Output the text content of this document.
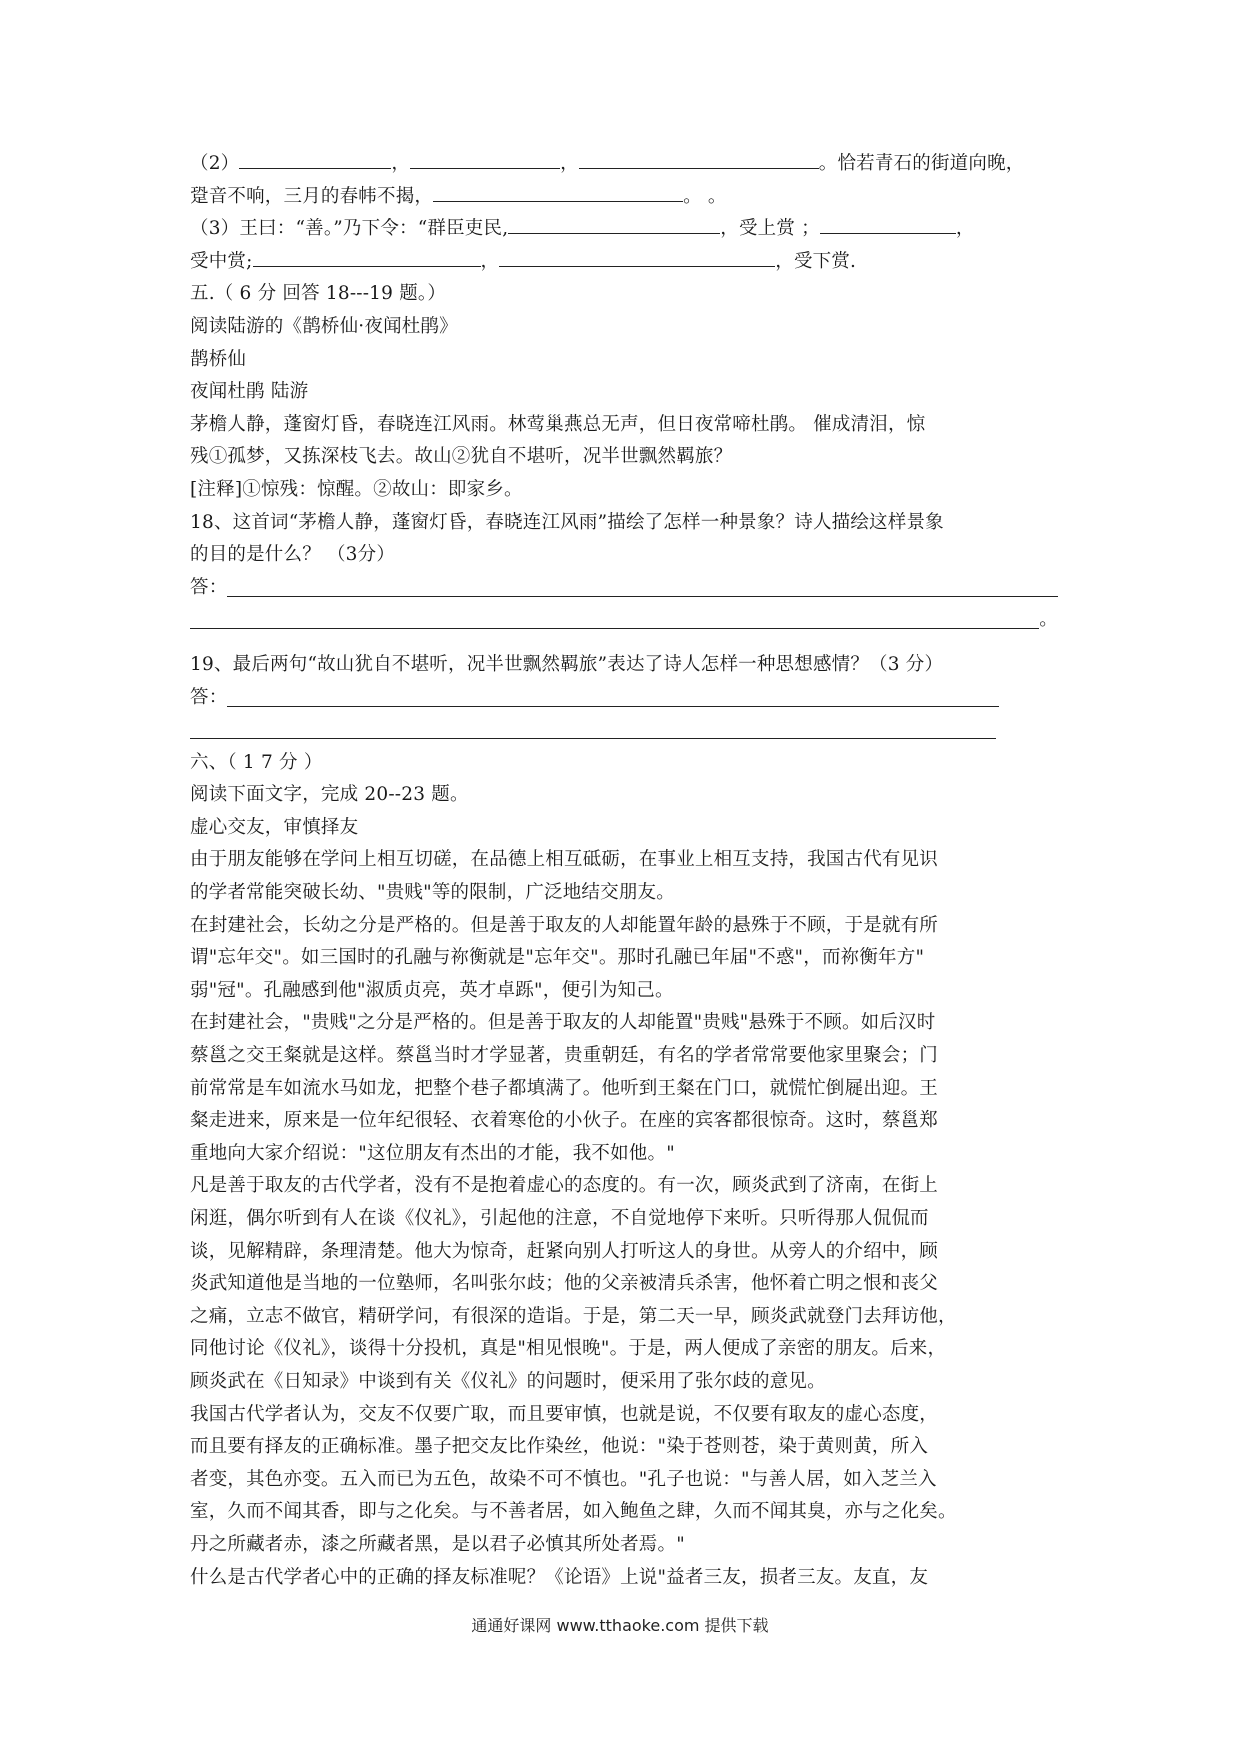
（2）	，	，	。恰若青石的街道向晚，
跫音不响，三月的春帏不揭，	。 。
（3）王曰：“善。”乃下令：“群臣吏民,	，受上赏 ；	，
受中赏;	，	，受下赏.
五.（ 6 分 回答 18---19 题。）
阅读陆游的《鹊桥仙·夜闻杜鹃》
鹊桥仙
夜闻杜鹃 陆游
茅檐人静，蓬窗灯昏，春晓连江风雨。林莺巢燕总无声，但日夜常啼杜鹃。 催成清泪，惊
残①孤梦，又拣深枝飞去。故山②犹自不堪听，况半世飘然羁旅？
[注释]①惊残：惊醒。②故山：即家乡。
18、这首词“茅檐人静，蓬窗灯昏，春晓连江风雨”描绘了怎样一种景象？诗人描绘这样景象
的目的是什么？ （3分）
答：
。
19、最后两句“故山犹自不堪听，况半世飘然羁旅”表达了诗人怎样一种思想感情？（3 分）
答：
六、（ 1 7 分 ）
阅读下面文字，完成 20--23 题。
虚心交友，审慎择友
由于朋友能够在学问上相互切磋，在品德上相互砥砺，在事业上相互支持，我国古代有见识
的学者常能突破长幼、"贵贱"等的限制，广泛地结交朋友。
在封建社会，长幼之分是严格的。但是善于取友的人却能置年龄的悬殊于不顾，于是就有所
谓"忘年交"。如三国时的孔融与祢衡就是"忘年交"。那时孔融已年届"不惑"，而祢衡年方"
弱"冠"。孔融感到他"淑质贞亮，英才卓跞"，便引为知己。
在封建社会，"贵贱"之分是严格的。但是善于取友的人却能置"贵贱"悬殊于不顾。如后汉时
蔡邕之交王粲就是这样。蔡邕当时才学显著，贵重朝廷，有名的学者常常要他家里聚会；门
前常常是车如流水马如龙，把整个巷子都填满了。他听到王粲在门口，就慌忙倒屣出迎。王
粲走进来，原来是一位年纪很轻、衣着寒伧的小伙子。在座的宾客都很惊奇。这时，蔡邕郑
重地向大家介绍说："这位朋友有杰出的才能，我不如他。"
凡是善于取友的古代学者，没有不是抱着虚心的态度的。有一次，顾炎武到了济南，在街上
闲逛，偶尔听到有人在谈《仪礼》，引起他的注意，不自觉地停下来听。只听得那人侃侃而
谈，见解精辟，条理清楚。他大为惊奇，赶紧向别人打听这人的身世。从旁人的介绍中，顾
炎武知道他是当地的一位塾师，名叫张尔歧；他的父亲被清兵杀害，他怀着亡明之恨和丧父
之痛，立志不做官，精研学问，有很深的造诣。于是，第二天一早，顾炎武就登门去拜访他，
同他讨论《仪礼》，谈得十分投机，真是"相见恨晚"。于是，两人便成了亲密的朋友。后来，
顾炎武在《日知录》中谈到有关《仪礼》的问题时，便采用了张尔歧的意见。
我国古代学者认为，交友不仅要广取，而且要审慎，也就是说，不仅要有取友的虚心态度，
而且要有择友的正确标准。墨子把交友比作染丝，他说："染于苍则苍，染于黄则黄，所入
者变，其色亦变。五入而已为五色，故染不可不慎也。"孔子也说："与善人居，如入芝兰入
室，久而不闻其香，即与之化矣。与不善者居，如入鲍鱼之肆，久而不闻其臭，亦与之化矣。
丹之所藏者赤，漆之所藏者黑，是以君子必慎其所处者焉。"
什么是古代学者心中的正确的择友标准呢？《论语》上说"益者三友，损者三友。友直，友
通通好课网 www.tthaoke.com 提供下载
